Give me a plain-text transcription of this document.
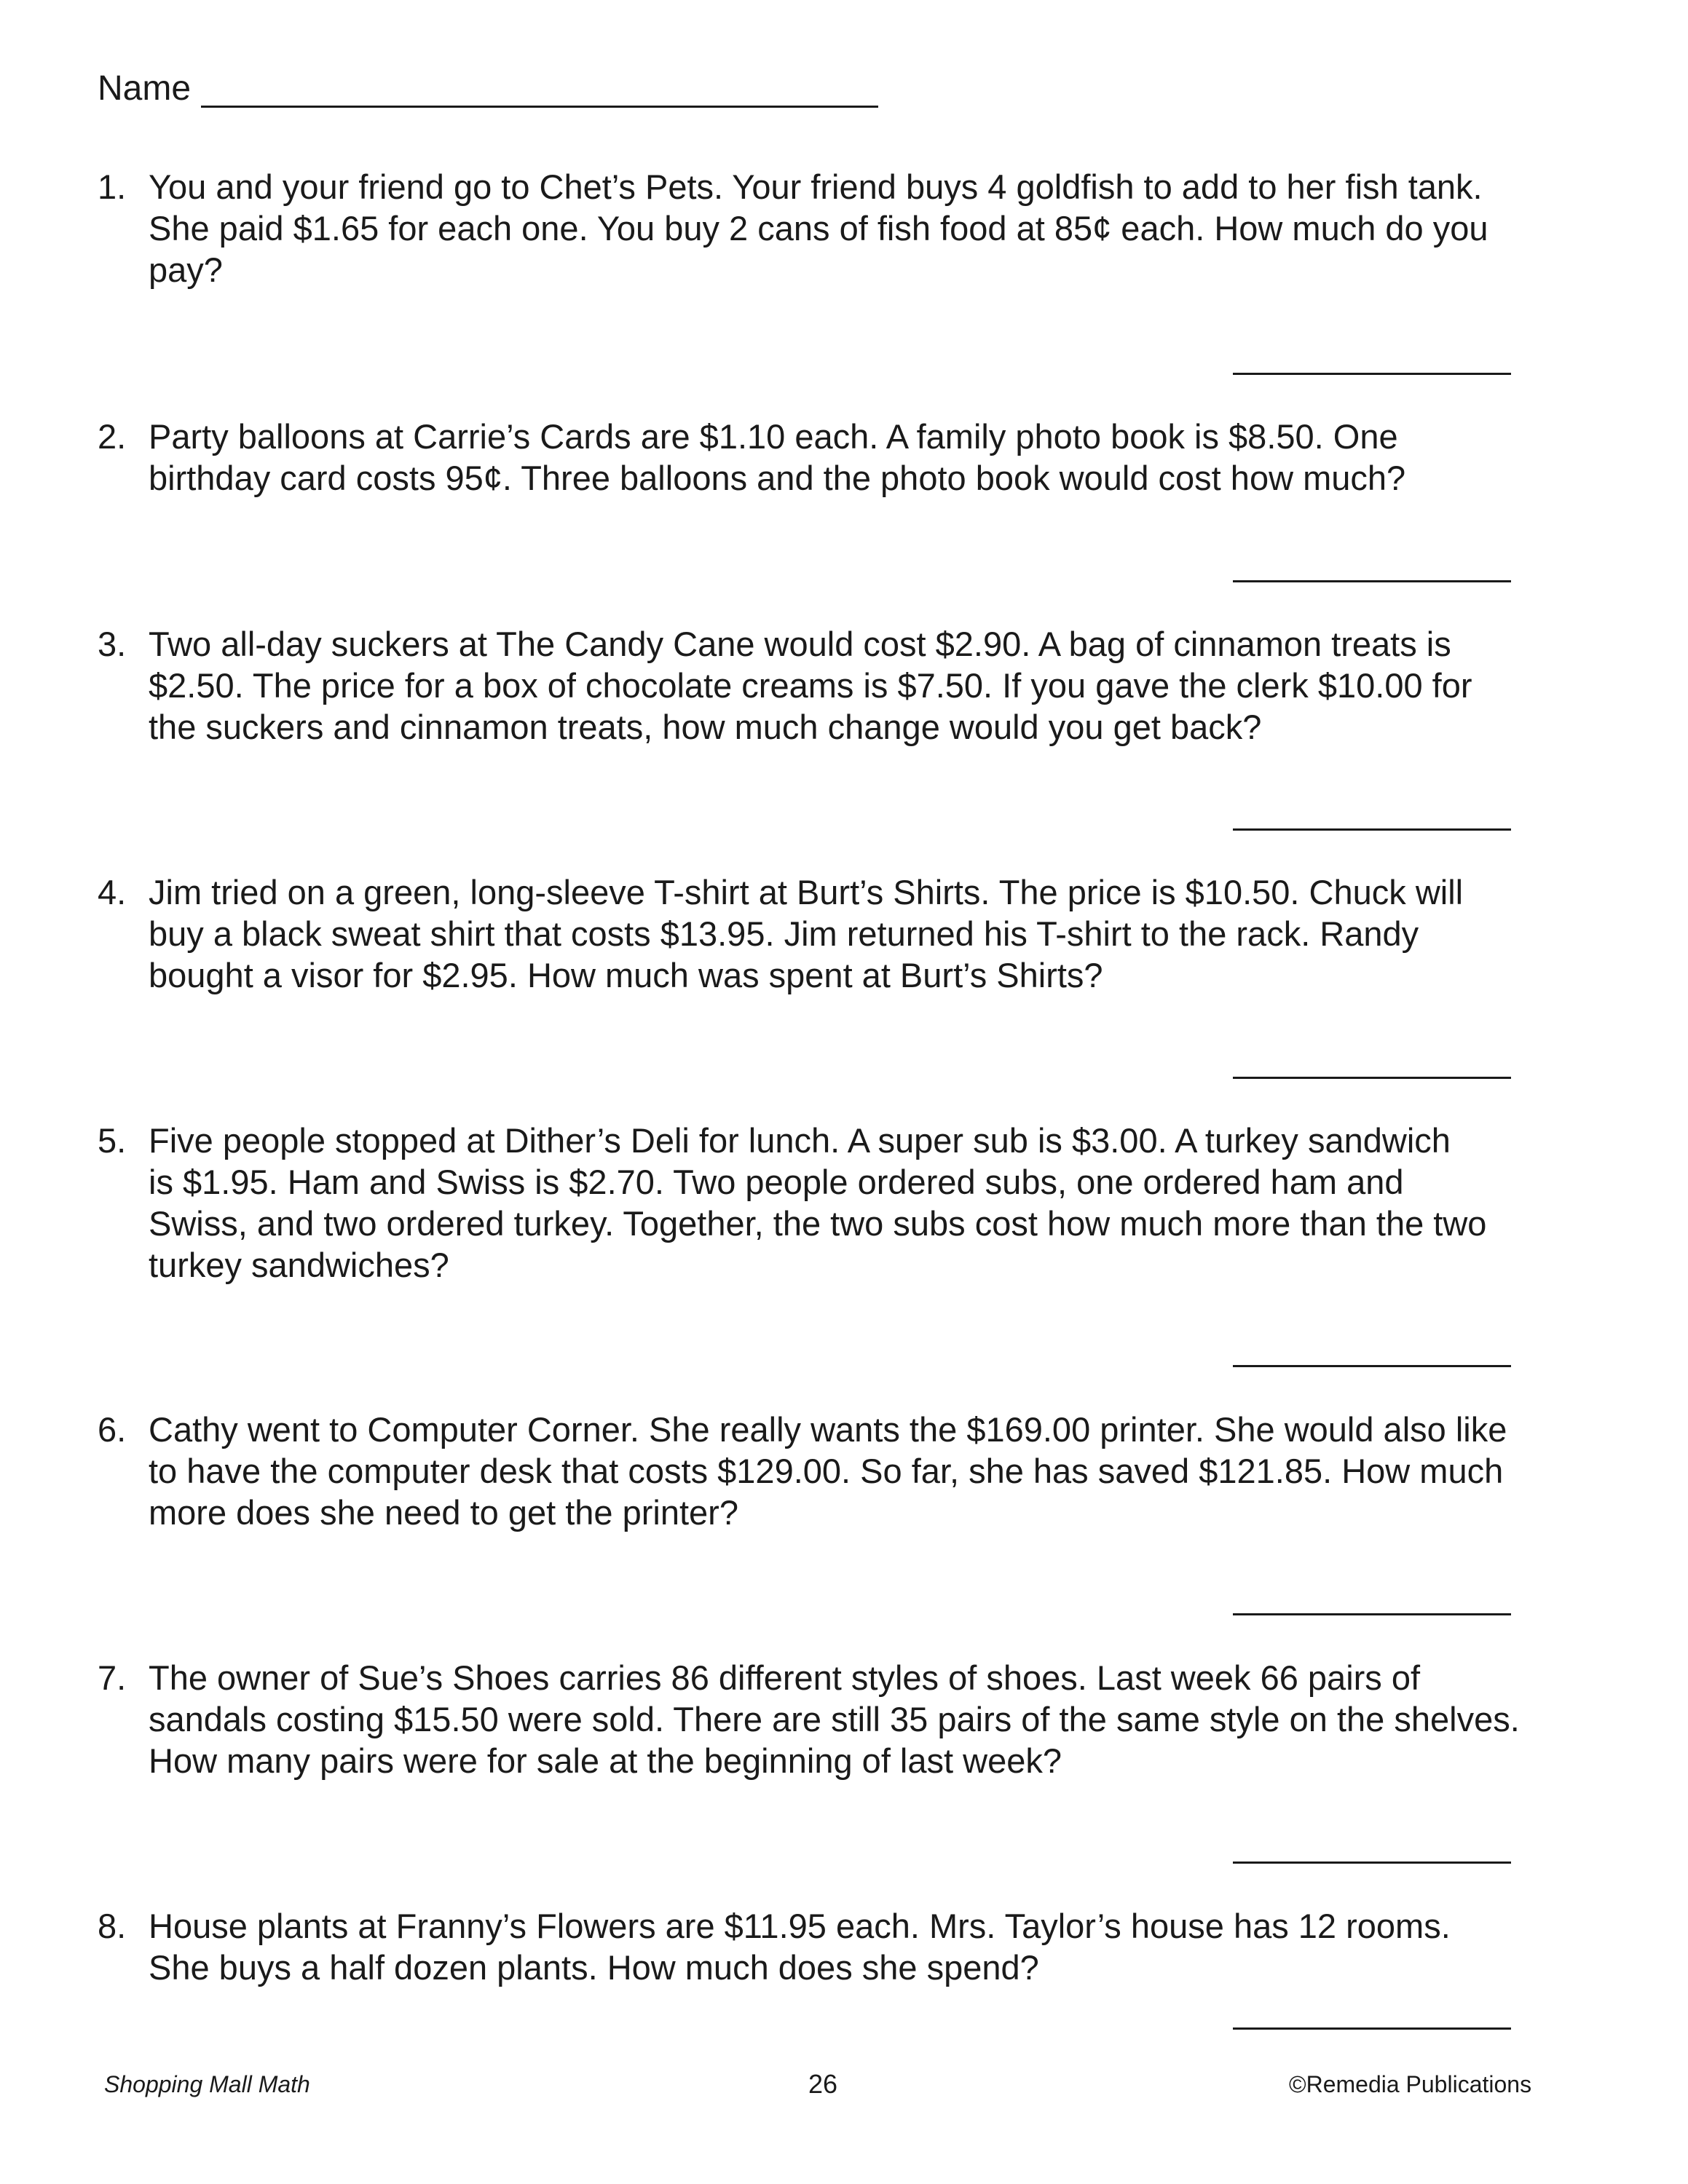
Name
1. You and your friend go to Chet’s Pets. Your friend buys 4 goldfish to add to her fish tank.
She paid $1.65 for each one. You buy 2 cans of fish food at 85¢ each. How much do you
pay?
2. Party balloons at Carrie’s Cards are $1.10 each. A family photo book is $8.50. One
birthday card costs 95¢. Three balloons and the photo book would cost how much?
3. Two all-day suckers at The Candy Cane would cost $2.90. A bag of cinnamon treats is
$2.50. The price for a box of chocolate creams is $7.50. If you gave the clerk $10.00 for
the suckers and cinnamon treats, how much change would you get back?
4. Jim tried on a green, long-sleeve T-shirt at Burt’s Shirts. The price is $10.50. Chuck will
buy a black sweat shirt that costs $13.95. Jim returned his T-shirt to the rack. Randy
bought a visor for $2.95. How much was spent at Burt’s Shirts?
5. Five people stopped at Dither’s Deli for lunch. A super sub is $3.00. A turkey sandwich
is $1.95. Ham and Swiss is $2.70. Two people ordered subs, one ordered ham and
Swiss, and two ordered turkey. Together, the two subs cost how much more than the two
turkey sandwiches?
6. Cathy went to Computer Corner. She really wants the $169.00 printer. She would also like
to have the computer desk that costs $129.00. So far, she has saved $121.85. How much
more does she need to get the printer?
7. The owner of Sue’s Shoes carries 86 different styles of shoes. Last week 66 pairs of
sandals costing $15.50 were sold. There are still 35 pairs of the same style on the shelves.
How many pairs were for sale at the beginning of last week?
8. House plants at Franny’s Flowers are $11.95 each. Mrs. Taylor’s house has 12 rooms.
She buys a half dozen plants. How much does she spend?
Shopping Mall Math	26	©Remedia Publications
